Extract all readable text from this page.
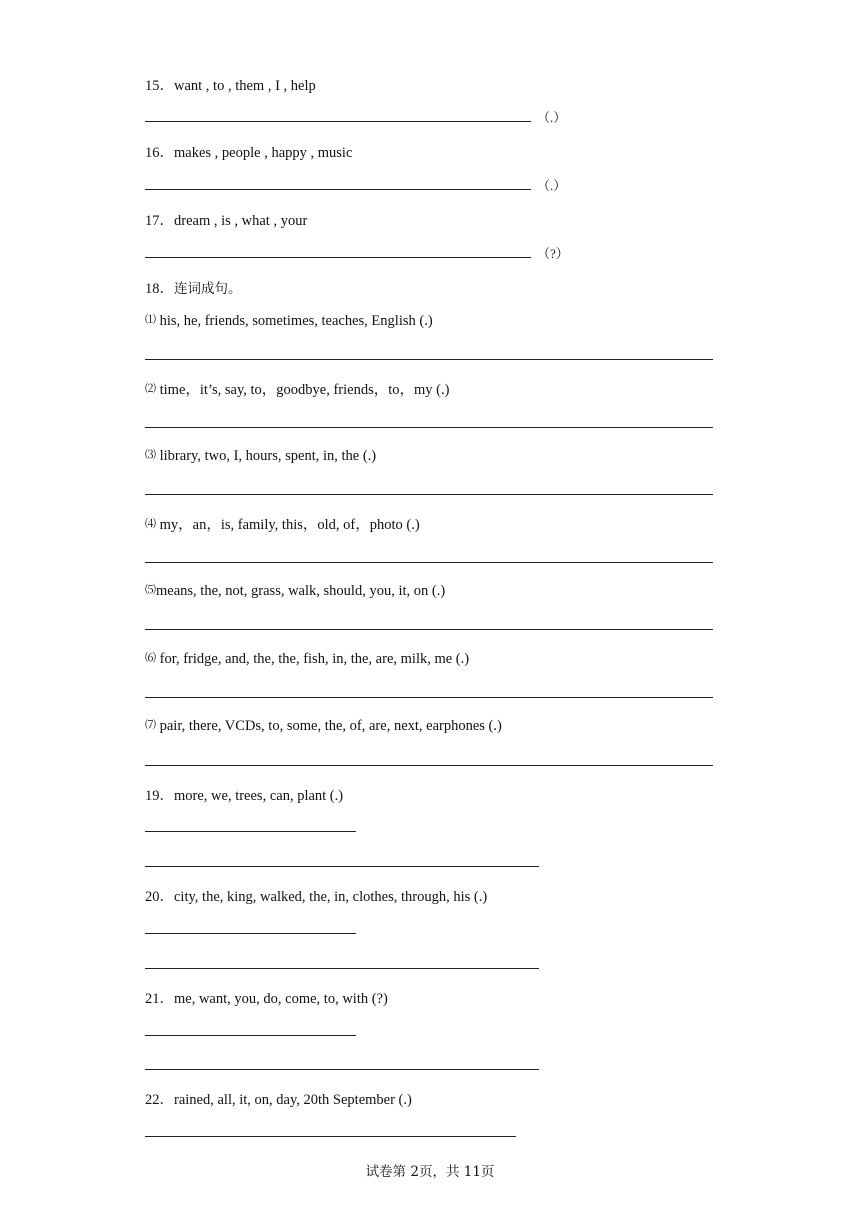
15．want , to , them , I , help
（.）
16．makes , people , happy , music
（.）
17．dream , is , what , your
（?）
18．连词成句。
⑴ his, he, friends, sometimes, teaches, English (.)
⑵ time，it’s, say, to，goodbye, friends，to，my (.)
⑶ library, two, I, hours, spent, in, the (.)
⑷ my，an，is, family, this，old, of，photo (.)
⑸means, the, not, grass, walk, should, you, it, on (.)
⑹ for, fridge, and, the, the, fish, in, the, are, milk, me (.)
⑺ pair, there, VCDs, to, some, the, of, are, next, earphones (.)
19．more, we, trees, can, plant (.)
20．city, the, king, walked, the, in, clothes, through, his (.)
21．me, want, you, do, come, to, with (?)
22．rained, all, it, on, day, 20th September (.)
试卷第 2页，共 11页
